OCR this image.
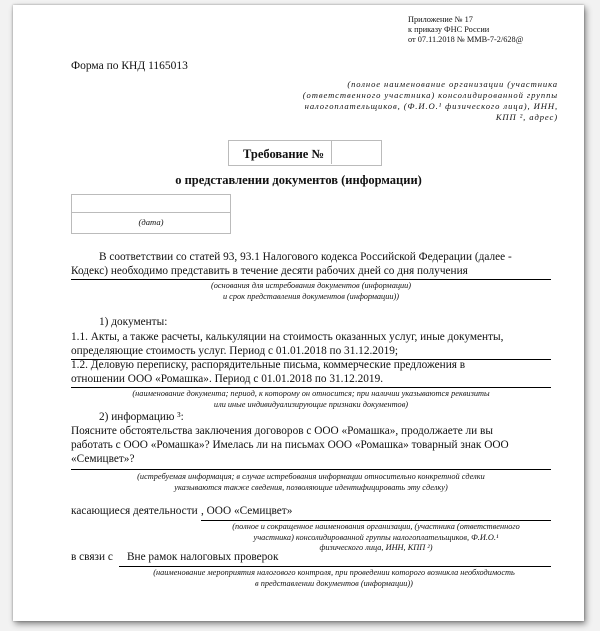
Приложение № 17
к приказу ФНС России
от 07.11.2018 № ММВ-7-2/628@
Форма по КНД 1165013
(полное наименование организации (участника
(ответственного участника) консолидированной группы
налогоплательщиков, (Ф.И.О.¹ физического лица), ИНН,
КПП ², адрес)
Требование №
о представлении документов (информации)
(дата)
В соответствии со статей 93, 93.1 Налогового кодекса Российской Федерации (далее -
Кодекс) необходимо представить в течение десяти рабочих дней со дня получения
(основания для истребования документов (информации)
и срок представления документов (информации))
1) документы:
1.1. Акты, а также расчеты, калькуляции на стоимость оказанных услуг, иные документы,
определяющие стоимость услуг. Период с 01.01.2018 по 31.12.2019;
1.2. Деловую переписку, распорядительные письма, коммерческие предложения в
отношении ООО «Ромашка». Период с 01.01.2018 по 31.12.2019.
(наименование документа; период, к которому он относится; при наличии указываются реквизиты
или иные индивидуализирующие признаки документов)
2) информацию ³:
Поясните обстоятельства заключения договоров с ООО «Ромашка», продолжаете ли вы
работать с ООО «Ромашка»? Имелась ли на письмах ООО «Ромашка» товарный знак ООО
«Семицвет»?
(истребуемая информация; в случае истребования информации относительно конкретной сделки
указываются также сведения, позволяющие идентифицировать эту сделку)
касающиеся деятельности , ООО «Семицвет»
(полное и сокращенное наименования организации, (участника (ответственного
участника) консолидированной группы налогоплательщиков, Ф.И.О.¹
физического лица, ИНН, КПП ²)
в связи с Вне рамок налоговых проверок
(наименование мероприятия налогового контроля, при проведении которого возникла необходимость
в представлении документов (информации))
